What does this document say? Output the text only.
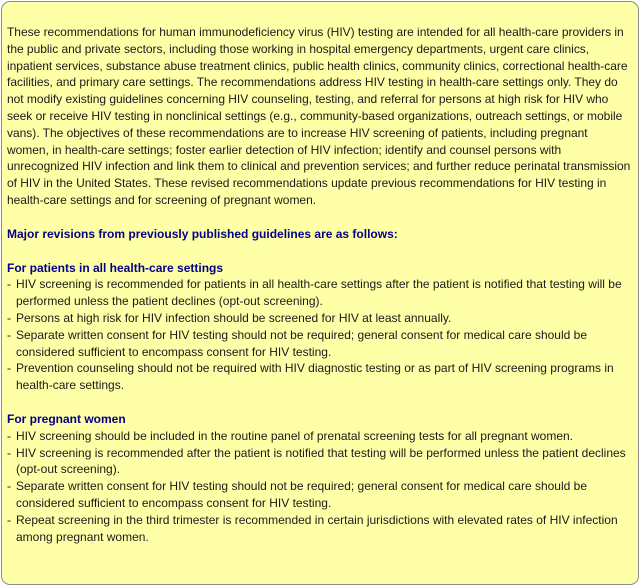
These recommendations for human immunodeficiency virus (HIV) testing are intended for all health-care providers in the public and private sectors, including those working in hospital emergency departments, urgent care clinics, inpatient services, substance abuse treatment clinics, public health clinics, community clinics, correctional health-care facilities, and primary care settings. The recommendations address HIV testing in health-care settings only. They do not modify existing guidelines concerning HIV counseling, testing, and referral for persons at high risk for HIV who seek or receive HIV testing in nonclinical settings (e.g., community-based organizations, outreach settings, or mobile vans). The objectives of these recommendations are to increase HIV screening of patients, including pregnant women, in health-care settings; foster earlier detection of HIV infection; identify and counsel persons with unrecognized HIV infection and link them to clinical and prevention services; and further reduce perinatal transmission of HIV in the United States. These revised recommendations update previous recommendations for HIV testing in health-care settings and for screening of pregnant women.

Major revisions from previously published guidelines are as follows:
For patients in all health-care settings
- HIV screening is recommended for patients in all health-care settings after the patient is notified that testing will be performed unless the patient declines (opt-out screening).
- Persons at high risk for HIV infection should be screened for HIV at least annually.
- Separate written consent for HIV testing should not be required; general consent for medical care should be considered sufficient to encompass consent for HIV testing.
- Prevention counseling should not be required with HIV diagnostic testing or as part of HIV screening programs in health-care settings.
For pregnant women
- HIV screening should be included in the routine panel of prenatal screening tests for all pregnant women.
- HIV screening is recommended after the patient is notified that testing will be performed unless the patient declines (opt-out screening).
- Separate written consent for HIV testing should not be required; general consent for medical care should be considered sufficient to encompass consent for HIV testing.
- Repeat screening in the third trimester is recommended in certain jurisdictions with elevated rates of HIV infection among pregnant women.
